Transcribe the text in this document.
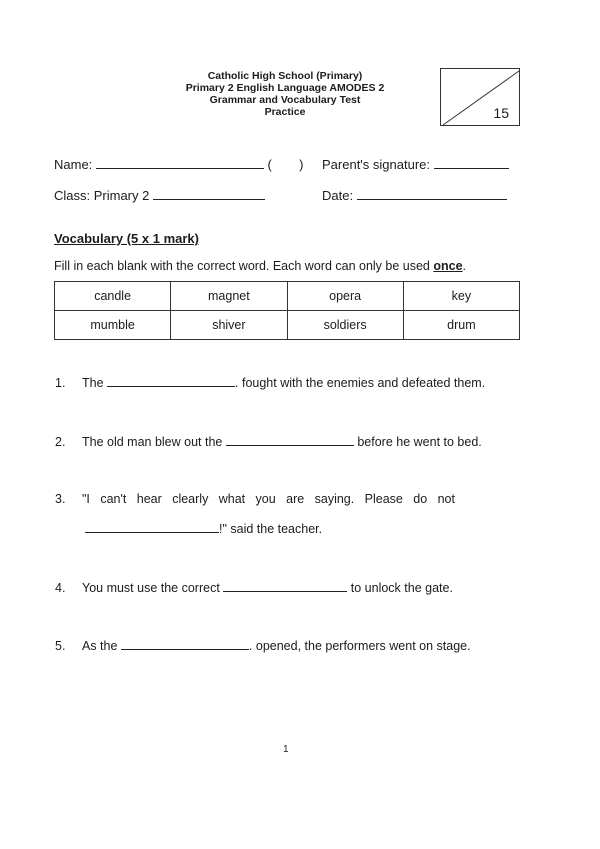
Catholic High School (Primary)
Primary 2 English Language AMODES 2
Grammar and Vocabulary Test
Practice	15
Name:	( ) Parent's signature:
Class: Primary 2	Date:
Vocabulary (5 x 1 mark)
Fill in each blank with the correct word. Each word can only be used once.
candle	magnet	opera	key
mumble	shiver	soldiers	drum
1. The	. fought with the enemies and defeated them.
2. The old man blew out the	before he went to bed.
3. "I   can't   hear   clearly   what   you   are   saying.   Please   do   not
!" said the teacher.
4. You must use the correct	to unlock the gate.
5. As the	. opened, the performers went on stage.
1
